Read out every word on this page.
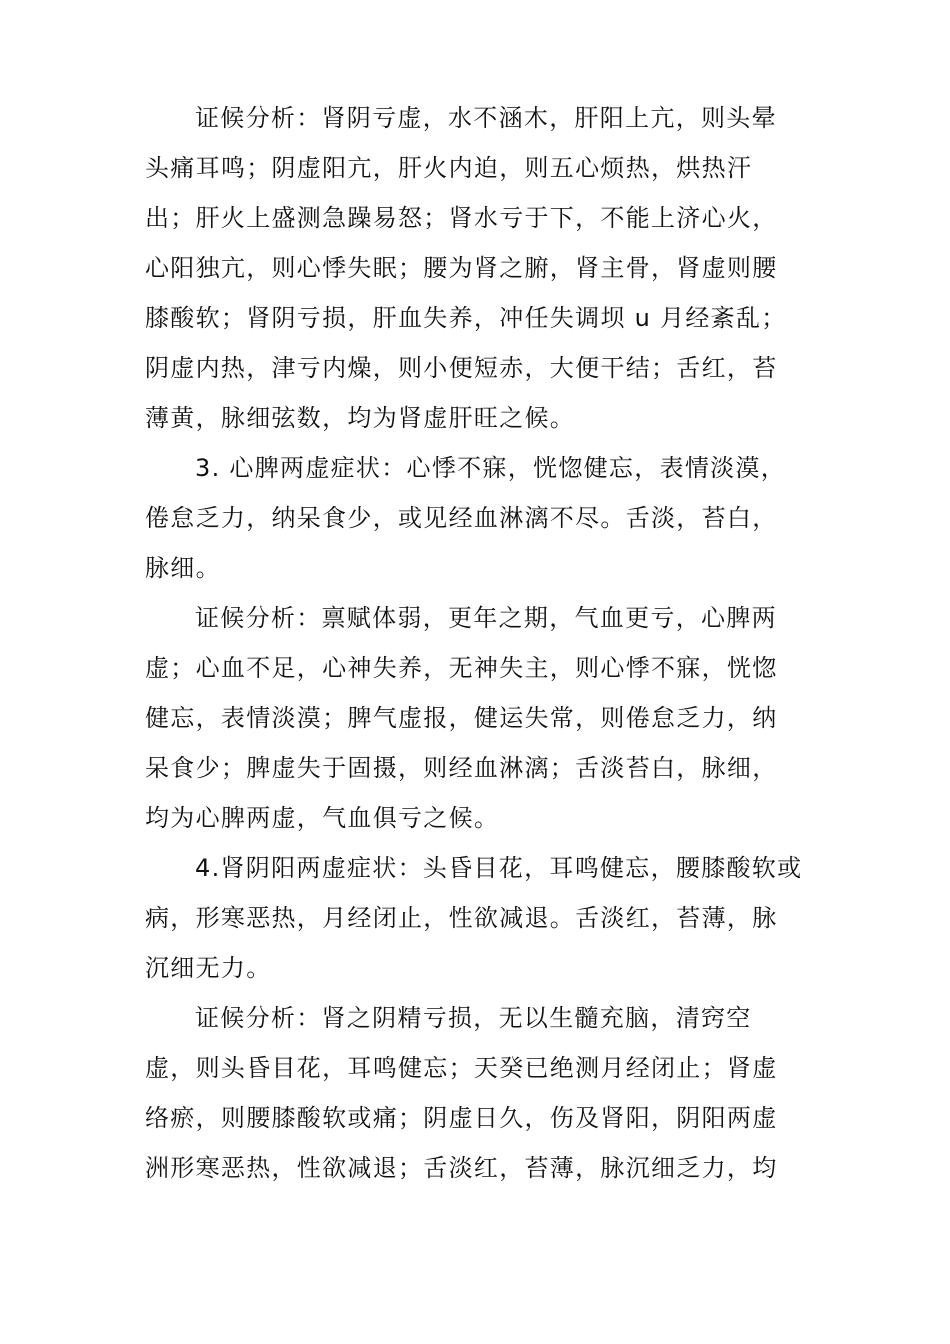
证候分析：肾阴亏虚，水不涵木，肝阳上亢，则头晕
头痛耳鸣；阴虚阳亢，肝火内迫，则五心烦热，烘热汗
出；肝火上盛测急躁易怒；肾水亏于下，不能上济心火，
心阳独亢，则心悸失眠；腰为肾之腑，肾主骨，肾虚则腰
膝酸软；肾阴亏损，肝血失养，冲任失调坝 u 月经紊乱；
阴虚内热，津亏内燥，则小便短赤，大便干结；舌红，苔
薄黄，脉细弦数，均为肾虚肝旺之候。
3. 心脾两虚症状：心悸不寐，恍惚健忘，表情淡漠，
倦怠乏力，纳呆食少，或见经血淋漓不尽。舌淡，苔白，
脉细。
证候分析：禀赋体弱，更年之期，气血更亏，心脾两
虚；心血不足，心神失养，无神失主，则心悸不寐，恍惚
健忘，表情淡漠；脾气虚报，健运失常，则倦怠乏力，纳
呆食少；脾虚失于固摄，则经血淋漓；舌淡苔白，脉细，
均为心脾两虚，气血俱亏之候。
4.肾阴阳两虚症状：头昏目花，耳鸣健忘，腰膝酸软或
病，形寒恶热，月经闭止，性欲减退。舌淡红，苔薄，脉
沉细无力。
证候分析：肾之阴精亏损，无以生髓充脑，清窍空
虚，则头昏目花，耳鸣健忘；天癸已绝测月经闭止；肾虚
络瘀，则腰膝酸软或痛；阴虚日久，伤及肾阳，阴阳两虚
洲形寒恶热，性欲减退；舌淡红，苔薄，脉沉细乏力，均
